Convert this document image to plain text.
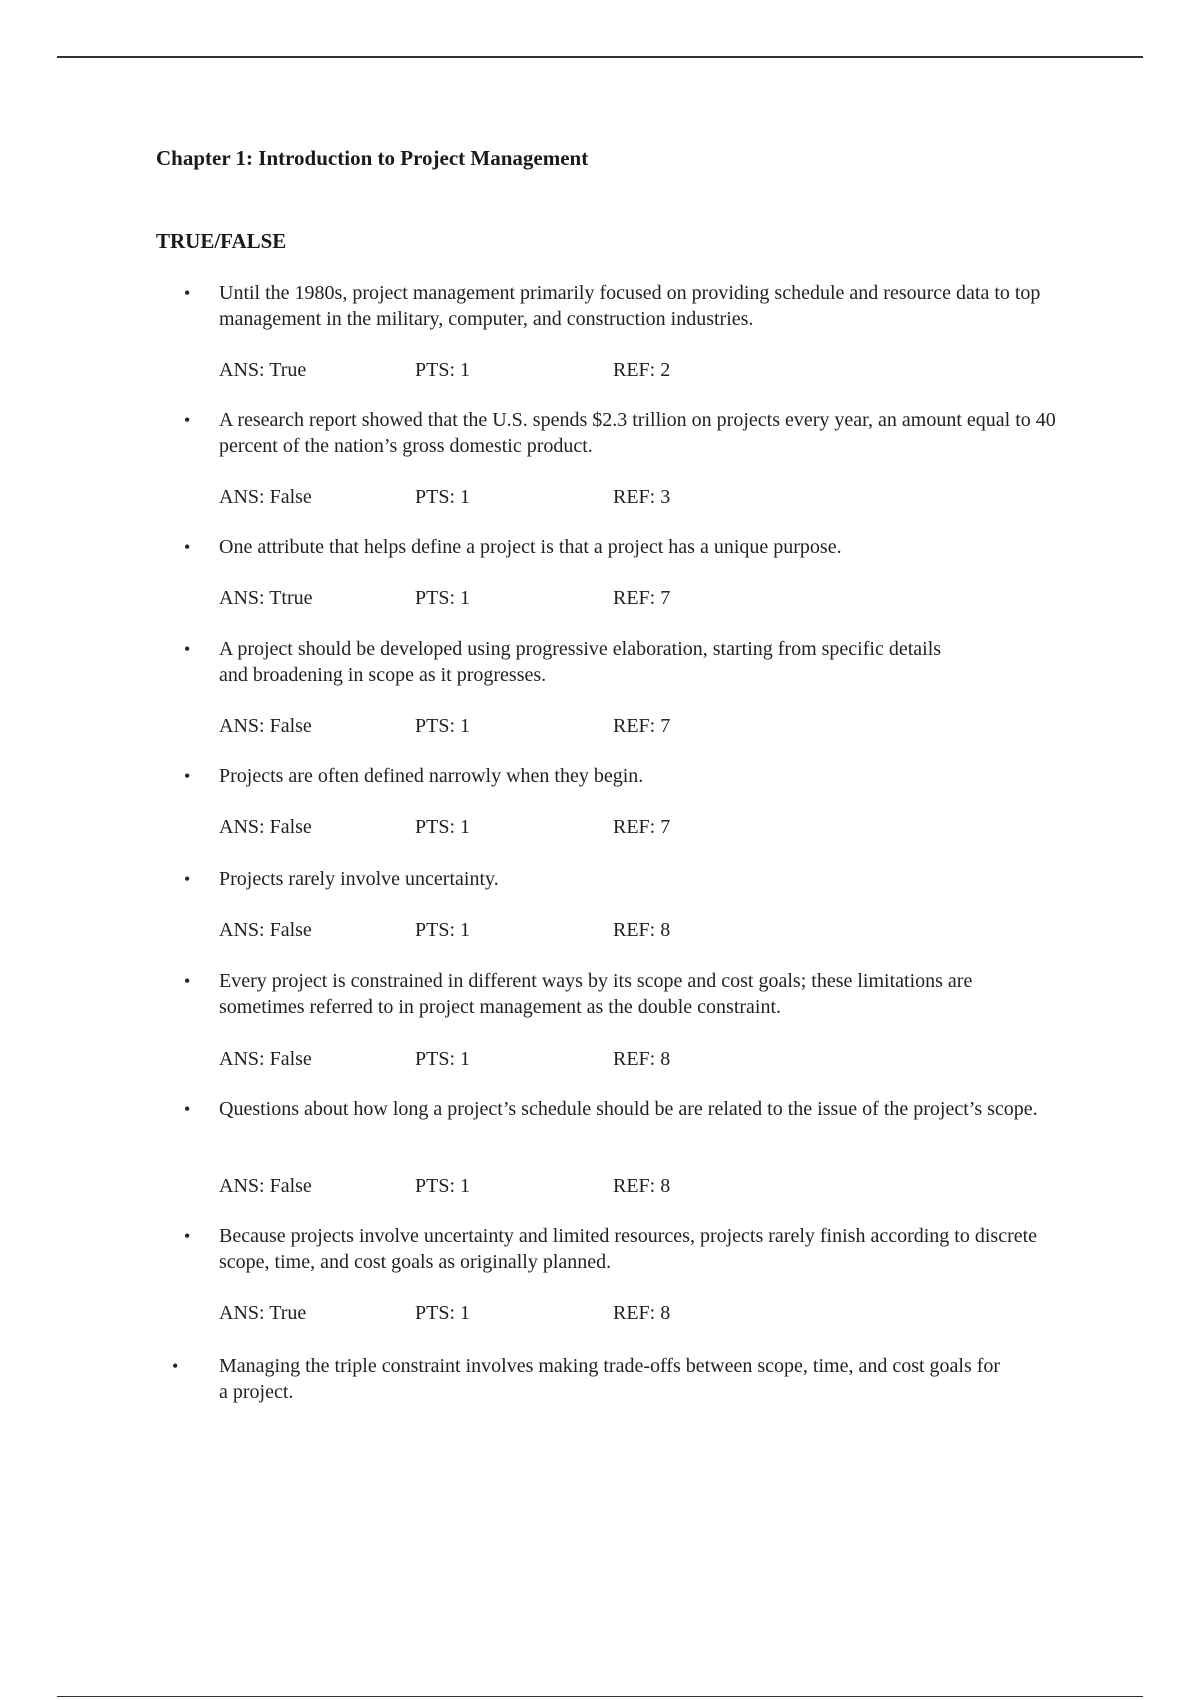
Chapter 1: Introduction to Project Management
TRUE/FALSE
• Until the 1980s, project management primarily focused on providing schedule and resource data to top management in the military, computer, and construction industries.

ANS: True	PTS: 1	REF: 2
• A research report showed that the U.S. spends $2.3 trillion on projects every year, an amount equal to 40 percent of the nation’s gross domestic product.

ANS: False	PTS: 1	REF: 3
• One attribute that helps define a project is that a project has a unique purpose.

ANS: Ttrue	PTS: 1	REF: 7
• A project should be developed using progressive elaboration, starting from specific details and broadening in scope as it progresses.

ANS: False	PTS: 1	REF: 7
• Projects are often defined narrowly when they begin.

ANS: False	PTS: 1	REF: 7
• Projects rarely involve uncertainty.

ANS: False	PTS: 1	REF: 8
• Every project is constrained in different ways by its scope and cost goals; these limitations are sometimes referred to in project management as the double constraint.

ANS: False	PTS: 1	REF: 8
• Questions about how long a project’s schedule should be are related to the issue of the project’s scope.

ANS: False	PTS: 1	REF: 8
• Because projects involve uncertainty and limited resources, projects rarely finish according to discrete scope, time, and cost goals as originally planned.

ANS: True	PTS: 1	REF: 8
• Managing the triple constraint involves making trade-offs between scope, time, and cost goals for a project.
